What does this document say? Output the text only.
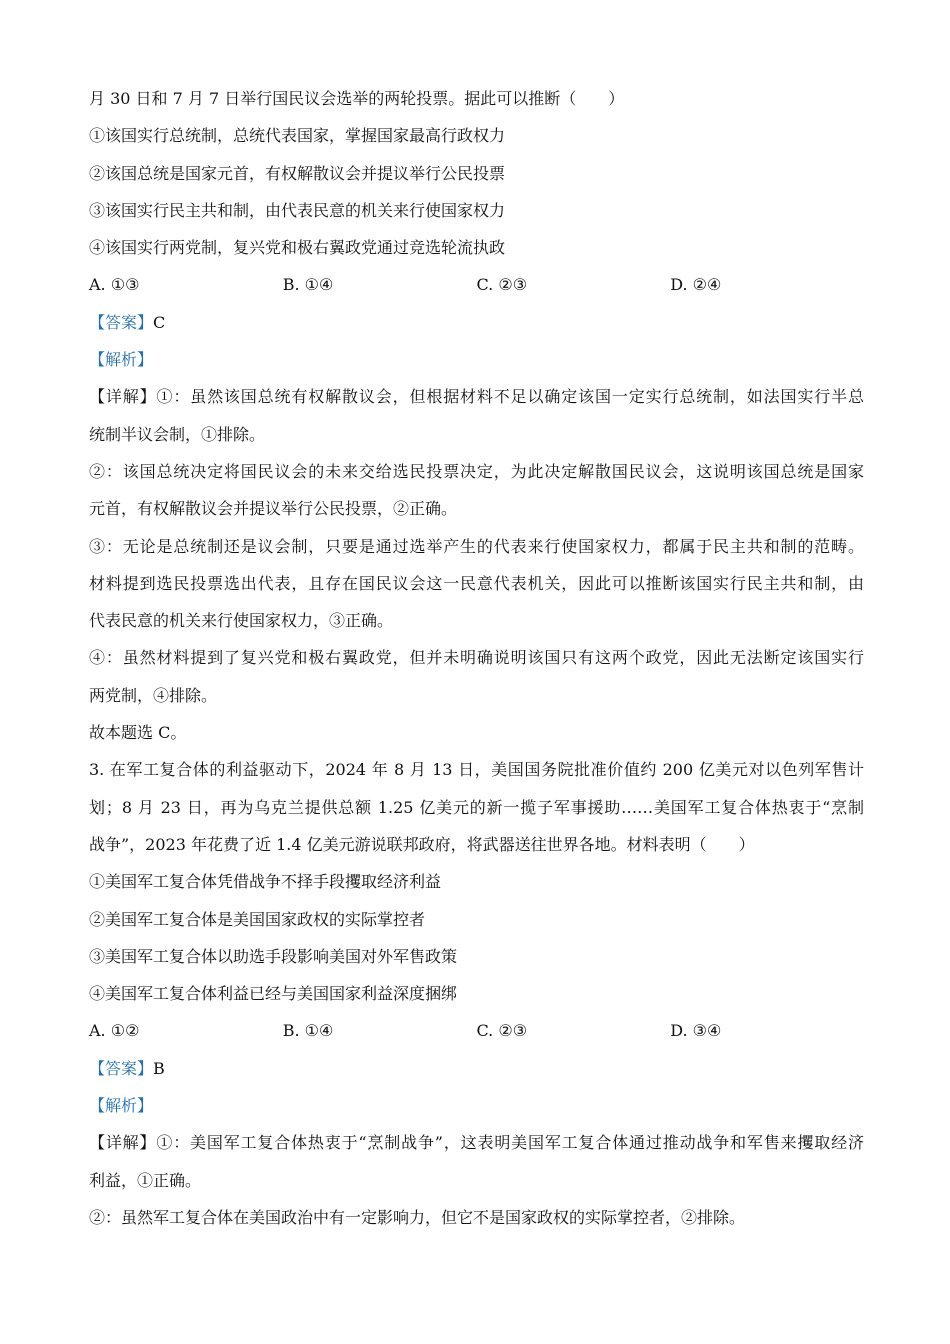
月 30 日和 7 月 7 日举行国民议会选举的两轮投票。据此可以推断（　　）
①该国实行总统制，总统代表国家，掌握国家最高行政权力
②该国总统是国家元首，有权解散议会并提议举行公民投票
③该国实行民主共和制，由代表民意的机关来行使国家权力
④该国实行两党制，复兴党和极右翼政党通过竞选轮流执政
A. ①③	B. ①④	C. ②③	D. ②④
【答案】C
【解析】
【详解】①：虽然该国总统有权解散议会，但根据材料不足以确定该国一定实行总统制，如法国实行半总
统制半议会制，①排除。
②：该国总统决定将国民议会的未来交给选民投票决定，为此决定解散国民议会，这说明该国总统是国家
元首，有权解散议会并提议举行公民投票，②正确。
③：无论是总统制还是议会制，只要是通过选举产生的代表来行使国家权力，都属于民主共和制的范畴。
材料提到选民投票选出代表，且存在国民议会这一民意代表机关，因此可以推断该国实行民主共和制，由
代表民意的机关来行使国家权力，③正确。
④：虽然材料提到了复兴党和极右翼政党，但并未明确说明该国只有这两个政党，因此无法断定该国实行
两党制，④排除。
故本题选 C。
3. 在军工复合体的利益驱动下，2024 年 8 月 13 日，美国国务院批准价值约 200 亿美元对以色列军售计
划；8 月 23 日，再为乌克兰提供总额 1.25 亿美元的新一揽子军事援助……美国军工复合体热衷于“烹制
战争”，2023 年花费了近 1.4 亿美元游说联邦政府，将武器送往世界各地。材料表明（　　）
①美国军工复合体凭借战争不择手段攫取经济利益
②美国军工复合体是美国国家政权的实际掌控者
③美国军工复合体以助选手段影响美国对外军售政策
④美国军工复合体利益已经与美国国家利益深度捆绑
A. ①②	B. ①④	C. ②③	D. ③④
【答案】B
【解析】
【详解】①：美国军工复合体热衷于“烹制战争”，这表明美国军工复合体通过推动战争和军售来攫取经济
利益，①正确。
②：虽然军工复合体在美国政治中有一定影响力，但它不是国家政权的实际掌控者，②排除。
